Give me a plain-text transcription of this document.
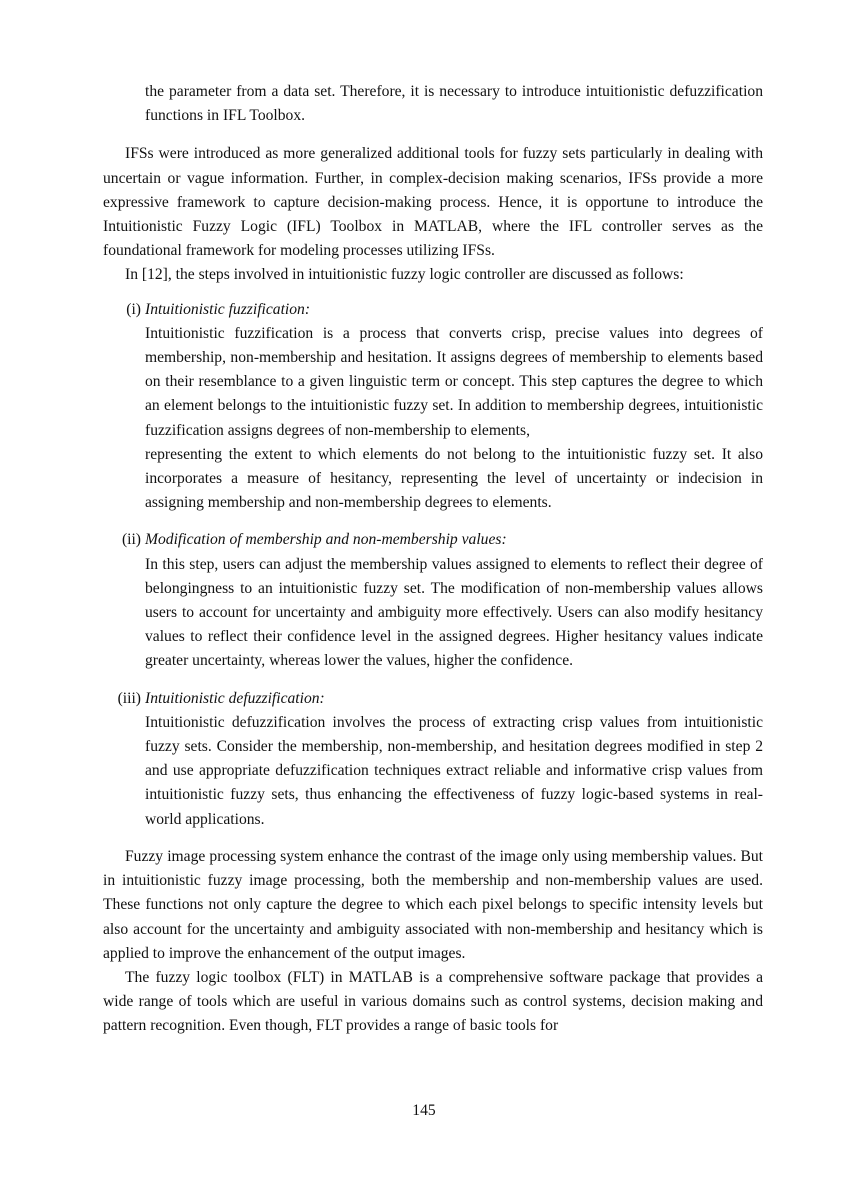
the parameter from a data set. Therefore, it is necessary to introduce intuitionistic defuzzification functions in IFL Toolbox.

IFSs were introduced as more generalized additional tools for fuzzy sets particularly in dealing with uncertain or vague information. Further, in complex-decision making scenarios, IFSs provide a more expressive framework to capture decision-making process. Hence, it is opportune to introduce the Intuitionistic Fuzzy Logic (IFL) Toolbox in MATLAB, where the IFL controller serves as the foundational framework for modeling processes utilizing IFSs.

In [12], the steps involved in intuitionistic fuzzy logic controller are discussed as follows:

(i) Intuitionistic fuzzification:

Intuitionistic fuzzification is a process that converts crisp, precise values into degrees of membership, non-membership and hesitation. It assigns degrees of membership to elements based on their resemblance to a given linguistic term or concept. This step captures the degree to which an element belongs to the intuitionistic fuzzy set. In addition to membership degrees, intuitionistic fuzzification assigns degrees of non-membership to elements,

representing the extent to which elements do not belong to the intuitionistic fuzzy set. It also incorporates a measure of hesitancy, representing the level of uncertainty or indecision in assigning membership and non-membership degrees to elements.

(ii) Modification of membership and non-membership values:

In this step, users can adjust the membership values assigned to elements to reflect their degree of belongingness to an intuitionistic fuzzy set. The modification of non-membership values allows users to account for uncertainty and ambiguity more effectively. Users can also modify hesitancy values to reflect their confidence level in the assigned degrees. Higher hesitancy values indicate greater uncertainty, whereas lower the values, higher the confidence.

(iii) Intuitionistic defuzzification:

Intuitionistic defuzzification involves the process of extracting crisp values from intuitionistic fuzzy sets. Consider the membership, non-membership, and hesitation degrees modified in step 2 and use appropriate defuzzification techniques extract reliable and informative crisp values from intuitionistic fuzzy sets, thus enhancing the effectiveness of fuzzy logic-based systems in real-world applications.

Fuzzy image processing system enhance the contrast of the image only using membership values. But in intuitionistic fuzzy image processing, both the membership and non-membership values are used. These functions not only capture the degree to which each pixel belongs to specific intensity levels but also account for the uncertainty and ambiguity associated with non-membership and hesitancy which is applied to improve the enhancement of the output images.

The fuzzy logic toolbox (FLT) in MATLAB is a comprehensive software package that provides a wide range of tools which are useful in various domains such as control systems, decision making and pattern recognition. Even though, FLT provides a range of basic tools for

145
